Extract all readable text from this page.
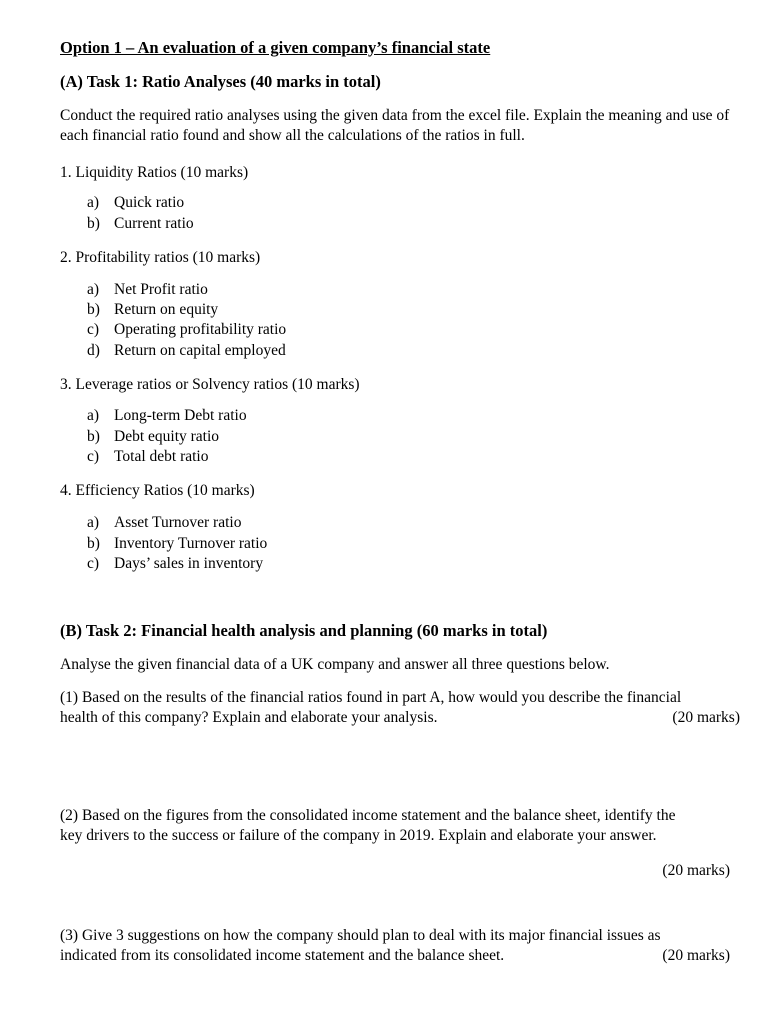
Option 1 – An evaluation of a given company’s financial state
(A) Task 1: Ratio Analyses (40 marks in total)
Conduct the required ratio analyses using the given data from the excel file. Explain the meaning and use of each financial ratio found and show all the calculations of the ratios in full.
1. Liquidity Ratios (10 marks)
a) Quick ratio
b) Current ratio
2. Profitability ratios (10 marks)
a) Net Profit ratio
b) Return on equity
c) Operating profitability ratio
d) Return on capital employed
3. Leverage ratios or Solvency ratios (10 marks)
a) Long-term Debt ratio
b) Debt equity ratio
c) Total debt ratio
4. Efficiency Ratios (10 marks)
a) Asset Turnover ratio
b) Inventory Turnover ratio
c) Days’ sales in inventory
(B) Task 2: Financial health analysis and planning (60 marks in total)
Analyse the given financial data of a UK company and answer all three questions below.
(1) Based on the results of the financial ratios found in part A, how would you describe the financial
health of this company? Explain and elaborate your analysis.	(20 marks)
(2) Based on the figures from the consolidated income statement and the balance sheet, identify the
key drivers to the success or failure of the company in 2019. Explain and elaborate your answer.
(20 marks)
(3) Give 3 suggestions on how the company should plan to deal with its major financial issues as
indicated from its consolidated income statement and the balance sheet.	(20 marks)
